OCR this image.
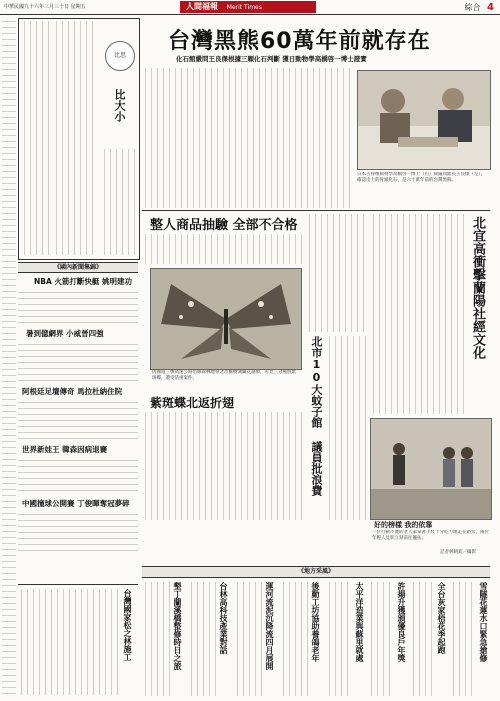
中華民國九十六年三月三十日 星期五	人間福報 Merit Times	綜合 4
比思
比大小
《國內新聞集錦》
NBA 火箭打斷快艇 姚明建功
暑到億網界 小威晉四強
阿根廷足壇傳奇 馬拉杜納住院
世界新娃王 韓森因病退賽
中國撞球公開賽 丁俊暉奪冠夢碎
台灣黑熊60萬年前就存在
化石館嚴問王良傑根據三顆化石判斷 獲日動物學高橋啓一博士證實
日本古脊椎動物學高橋啓一博士（右）與嚴問館長王良傑（左），確認出土的骨頭化石，是六十萬年前的台灣黑熊。
整人商品抽驗 全部不合格
因國道三號高速公路沿線森林地帶之沙羅樹開闢花越嶺，可見三分種族紫斑蝶，遭受活重案件。
紫斑蝶北返折翅	北市10大蚊子館 議員批浪費
北宜高衝擊蘭陽社經文化
好的榜樣 我的依靠
一位行動不便的老人家拿著手杖十分吃力地走在路旁，兩位年輕人見狀立刻前往攙扶。
記者林朝欽／攝影
《地方采風》
墾丁蘭溪橋整修時日之旅	台林高科技產業對話	運河流泥沉降流四月展開	後勤工坊協助養鴿老年	太平洋造業與蘇里就處	許揚升獲頒優良戶年獎	全台灰家梧花季起跑	雪隧花蓮水口緊急搶修
台灣國家松之林施工
